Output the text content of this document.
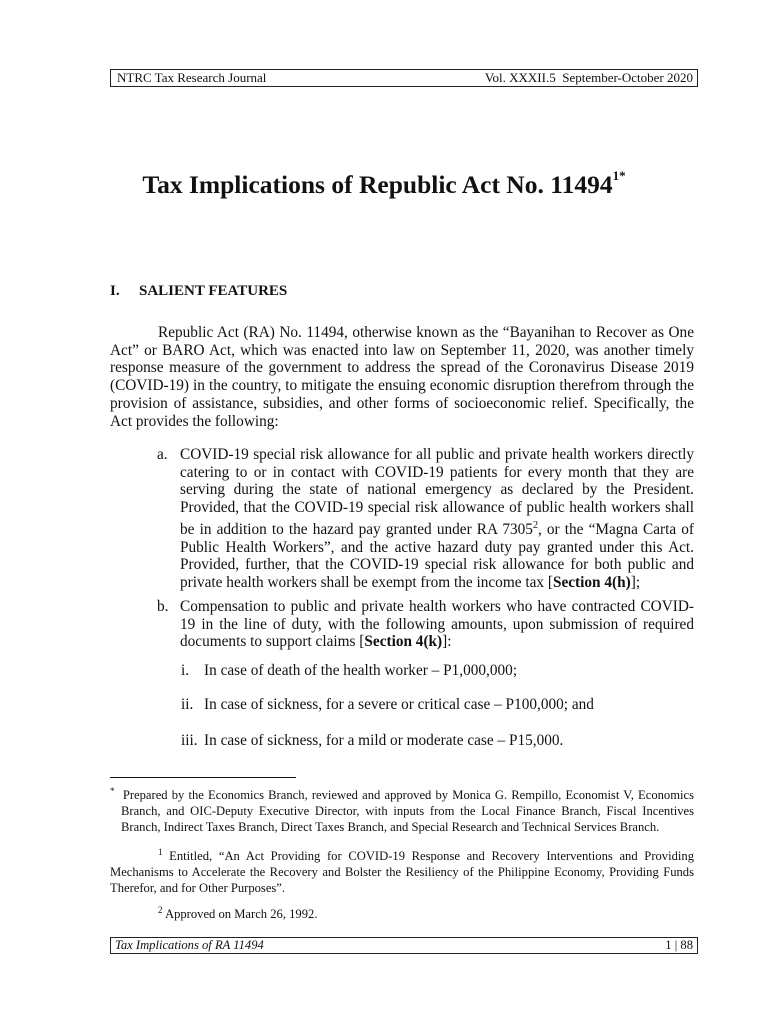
NTRC Tax Research Journal	Vol. XXXII.5  September-October 2020
Tax Implications of Republic Act No. $11494^{1*}$
I. SALIENT FEATURES

Republic Act (RA) No. 11494, otherwise known as the “Bayanihan to Recover as One Act” or BARO Act, which was enacted into law on September 11, 2020, was another timely response measure of the government to address the spread of the Coronavirus Disease 2019 (COVID-19) in the country, to mitigate the ensuing economic disruption therefrom through the provision of assistance, subsidies, and other forms of socioeconomic relief. Specifically, the Act provides the following:

a. COVID-19 special risk allowance for all public and private health workers directly catering to or in contact with COVID-19 patients for every month that they are serving during the state of national emergency as declared by the President. Provided, that the COVID-19 special risk allowance of public health workers shall be in addition to the hazard pay granted under RA 7305$^2$, or the “Magna Carta of Public Health Workers”, and the active hazard duty pay granted under this Act. Provided, further, that the COVID-19 special risk allowance for both public and private health workers shall be exempt from the income tax [Section 4(h)];
b. Compensation to public and private health workers who have contracted COVID-19 in the line of duty, with the following amounts, upon submission of required documents to support claims [Section 4(k)]:
i. In case of death of the health worker – P1,000,000;
ii. In case of sickness, for a severe or critical case – P100,000; and
iii. In case of sickness, for a mild or moderate case – P15,000.
* Prepared by the Economics Branch, reviewed and approved by Monica G. Rempillo, Economist V, Economics Branch, and OIC-Deputy Executive Director, with inputs from the Local Finance Branch, Fiscal Incentives Branch, Indirect Taxes Branch, Direct Taxes Branch, and Special Research and Technical Services Branch.
$^1$ Entitled, “An Act Providing for COVID-19 Response and Recovery Interventions and Providing Mechanisms to Accelerate the Recovery and Bolster the Resiliency of the Philippine Economy, Providing Funds Therefor, and for Other Purposes”.
$^2$ Approved on March 26, 1992.
Tax Implications of RA 11494	1 | 88
